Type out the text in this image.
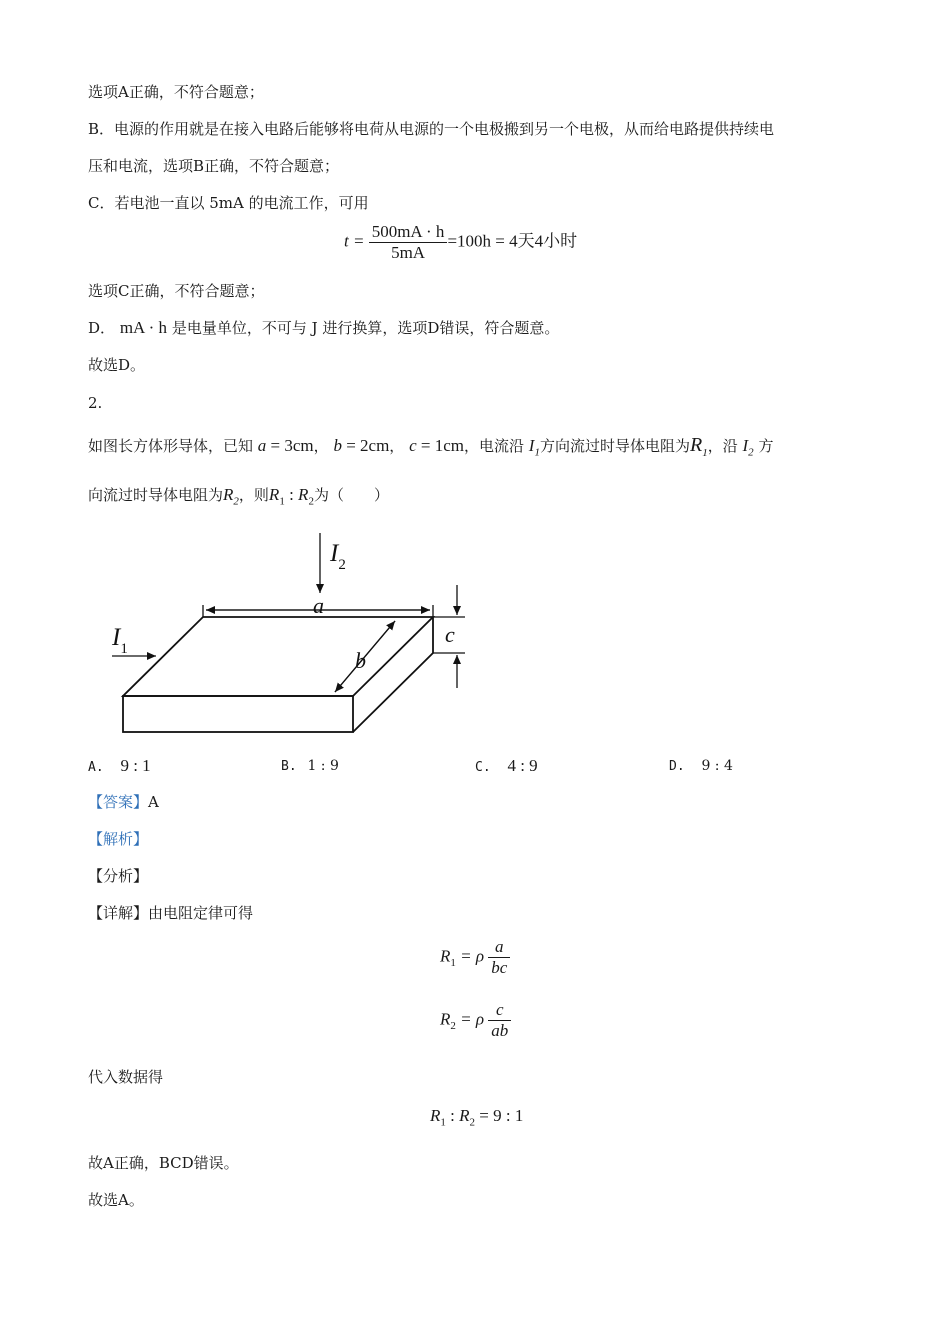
选项A正确，不符合题意；
B．电源的作用就是在接入电路后能够将电荷从电源的一个电极搬到另一个电极，从而给电路提供持续电
压和电流，选项B正确，不符合题意；
C．若电池一直以 5mA 的电流工作，可用
$t = \frac{500mA \cdot h}{5mA} =100h = 4$天4小时
选项C正确，不符合题意；
D． mA · h 是电量单位，不可与 J 进行换算，选项D错误，符合题意。
故选D。
2.
如图长方体形导体，已知 a = 3cm， b = 2cm， c = 1cm，电流沿 $I_1$方向流过时导体电阻为$R_1$，沿 $I_2$ 方
向流过时导体电阻为$R_2$，则$R_1$ : $R_2$为（　　）
a
b
c
$I_2$
$I_1$
A. 9 : 1	B. 1 : 9	C. 4 : 9	D. 9 : 4
【答案】A
【解析】
【分析】
【详解】由电阻定律可得
$R_1 = \rho \frac{a}{bc}$
$R_2 = \rho \frac{c}{ab}$
代入数据得
$R_1$ : $R_2 = 9$ : 1
故A正确，BCD错误。
故选A。
